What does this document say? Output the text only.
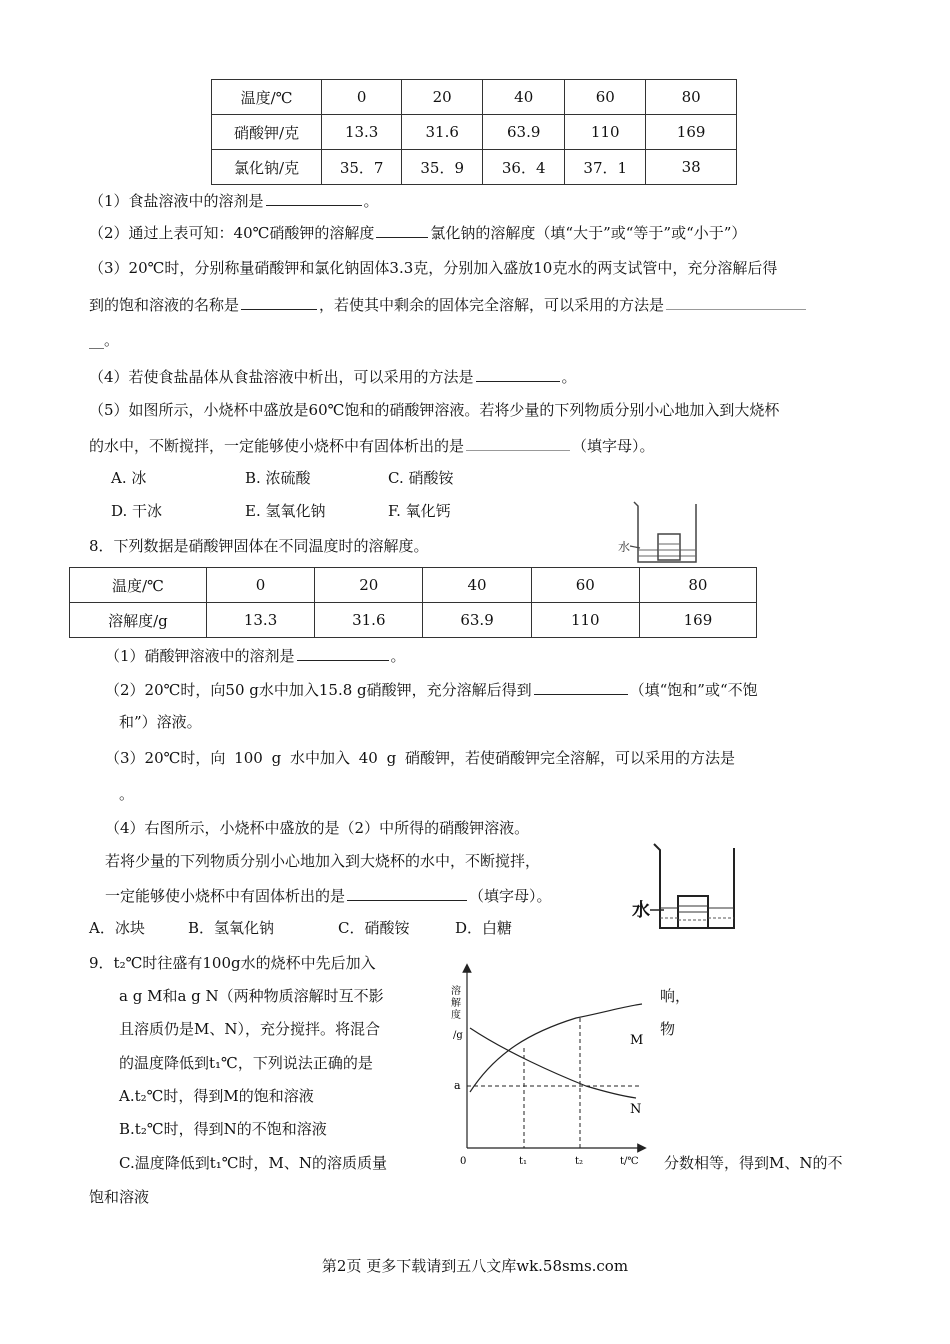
温度/℃	0	20	40	60	80
硝酸钾/克	13.3	31.6	63.9	110	169
氯化钠/克	35．7	35．9	36．4	37．1	38
（1）食盐溶液中的溶剂是	。
（2）通过上表可知：40℃硝酸钾的溶解度	氯化钠的溶解度（填“大于”或“等于”或“小于”）
（3）20℃时，分别称量硝酸钾和氯化钠固体3.3克，分别加入盛放10克水的两支试管中，充分溶解后得
到的饱和溶液的名称是	，若使其中剩余的固体完全溶解，可以采用的方法是
__。
（4）若使食盐晶体从食盐溶液中析出，可以采用的方法是	。
（5）如图所示，小烧杯中盛放是60℃饱和的硝酸钾溶液。若将少量的下列物质分别小心地加入到大烧杯
的水中，不断搅拌，一定能够使小烧杯中有固体析出的是	（填字母）。
A. 冰	B. 浓硫酸	C. 硝酸铵
D. 干冰	E. 氢氧化钠	F. 氧化钙
水
8．下列数据是硝酸钾固体在不同温度时的溶解度。
温度/℃	0	20	40	60	80
溶解度/g	13.3	31.6	63.9	110	169
（1）硝酸钾溶液中的溶剂是	。
（2）20℃时，向50 g水中加入15.8 g硝酸钾，充分溶解后得到	（填“饱和”或“不饱
和”）溶液。
（3）20℃时，向 100 g 水中加入 40 g 硝酸钾，若使硝酸钾完全溶解，可以采用的方法是
。
（4）右图所示，小烧杯中盛放的是（2）中所得的硝酸钾溶液。
若将少量的下列物质分别小心地加入到大烧杯的水中，不断搅拌，
一定能够使小烧杯中有固体析出的是	（填字母）。
A．冰块	B．氢氧化钠	C．硝酸铵	D．白糖
水
9．t₂℃时往盛有100g水的烧杯中先后加入
a g M和a g N（两种物质溶解时互不影	响，
且溶质仍是M、N），充分搅拌。将混合	物
的温度降低到t₁℃，下列说法正确的是
A.t₂℃时，得到M的饱和溶液
B.t₂℃时，得到N的不饱和溶液
C.温度降低到t₁℃时，M、N的溶质质量	分数相等，得到M、N的不
饱和溶液
溶
解
度
/g
a
0	t₁	t₂	t/℃
M
N
第2页 更多下载请到五八文库wk.58sms.com
